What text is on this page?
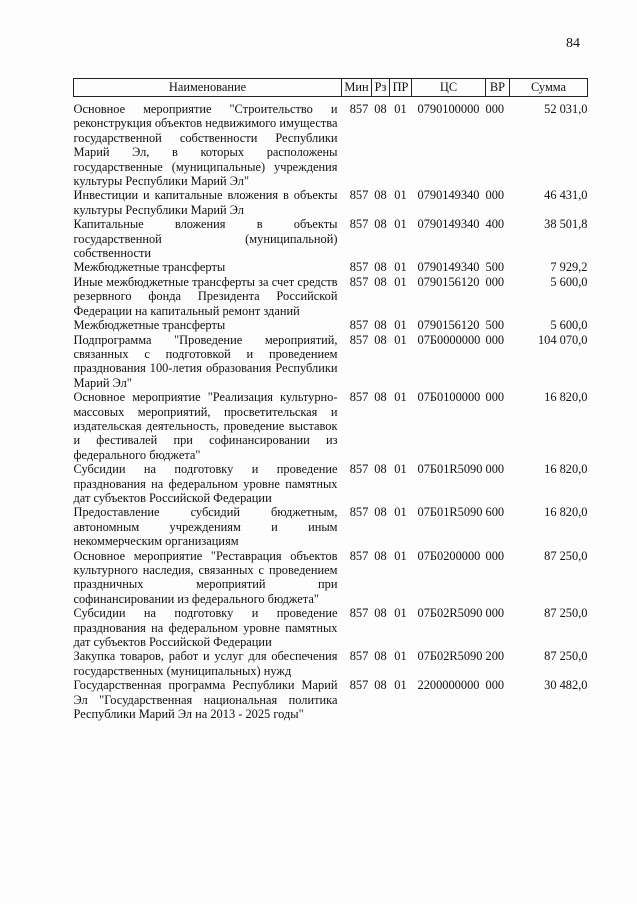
84
Наименование	Мин	Рз	ПР	ЦС	ВР	Сумма

Основное мероприятие "Строительство и реконструкция объектов недвижимого имущества государственной собственности Республики Марий Эл, в которых расположены государственные (муниципальные) учреждения культуры Республики Марий Эл"	857	08	01	0790100000	000	52 031,0
Инвестиции и капитальные вложения в объекты культуры Республики Марий Эл	857	08	01	0790149340	000	46 431,0
Капитальные вложения в объекты государственной (муниципальной) собственности	857	08	01	0790149340	400	38 501,8
Межбюджетные трансферты	857	08	01	0790149340	500	7 929,2
Иные межбюджетные трансферты за счет средств резервного фонда Президента Российской Федерации на капитальный ремонт зданий	857	08	01	0790156120	000	5 600,0
Межбюджетные трансферты	857	08	01	0790156120	500	5 600,0
Подпрограмма "Проведение мероприятий, связанных с подготовкой и проведением празднования 100-летия образования Республики Марий Эл"	857	08	01	07Б0000000	000	104 070,0
Основное мероприятие "Реализация культурно-массовых мероприятий, просветительская и издательская деятельность, проведение выставок и фестивалей при софинансировании из федерального бюджета"	857	08	01	07Б0100000	000	16 820,0
Субсидии на подготовку и проведение празднования на федеральном уровне памятных дат субъектов Российской Федерации	857	08	01	07Б01R5090	000	16 820,0
Предоставление субсидий бюджетным, автономным учреждениям и иным некоммерческим организациям	857	08	01	07Б01R5090	600	16 820,0
Основное мероприятие "Реставрация объектов культурного наследия, связанных с проведением праздничных мероприятий при софинансировании из федерального бюджета"	857	08	01	07Б0200000	000	87 250,0
Субсидии на подготовку и проведение празднования на федеральном уровне памятных дат субъектов Российской Федерации	857	08	01	07Б02R5090	000	87 250,0
Закупка товаров, работ и услуг для обеспечения государственных (муниципальных) нужд	857	08	01	07Б02R5090	200	87 250,0
Государственная программа Республики Марий Эл "Государственная национальная политика Республики Марий Эл на 2013 - 2025 годы"	857	08	01	2200000000	000	30 482,0
